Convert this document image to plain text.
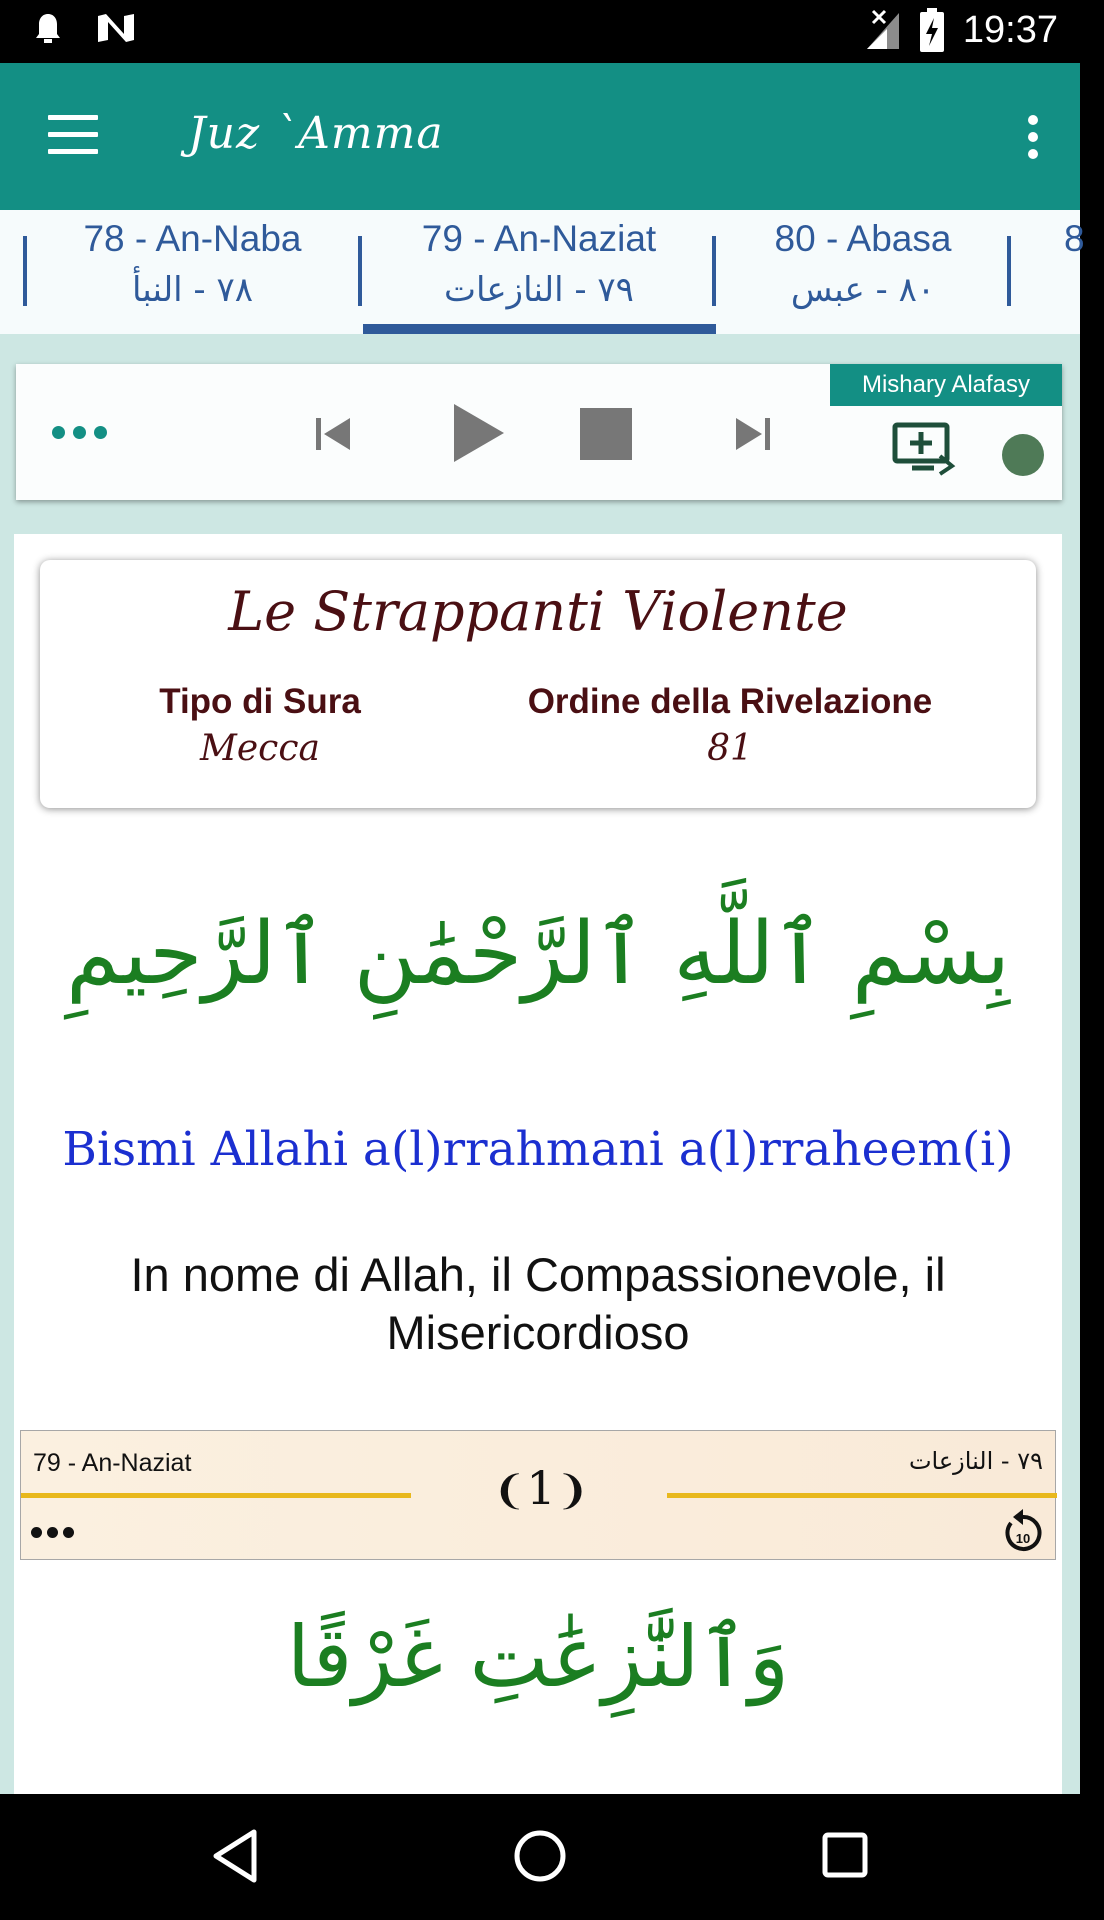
19:37
Juz `Amma
78 - An-Naba
٧٨ - النبأ
79 - An-Naziat
٧٩ - النازعات
80 - Abasa
٨٠ - عبس
8
Mishary Alafasy
Le Strappanti Violente
Tipo di Sura
Mecca
Ordine della Rivelazione
81
بِسْمِ ٱللَّهِ ٱلرَّحْمَٰنِ ٱلرَّحِيمِ
Bismi Allahi a(l)rrahmani a(l)rraheem(i)
In nome di Allah, il Compassionevole, il Misericordioso
79 - An-Naziat	٧٩ - النازعات
❨1❩
10
وَٱلنَّٰزِعَٰتِ غَرْقًا
